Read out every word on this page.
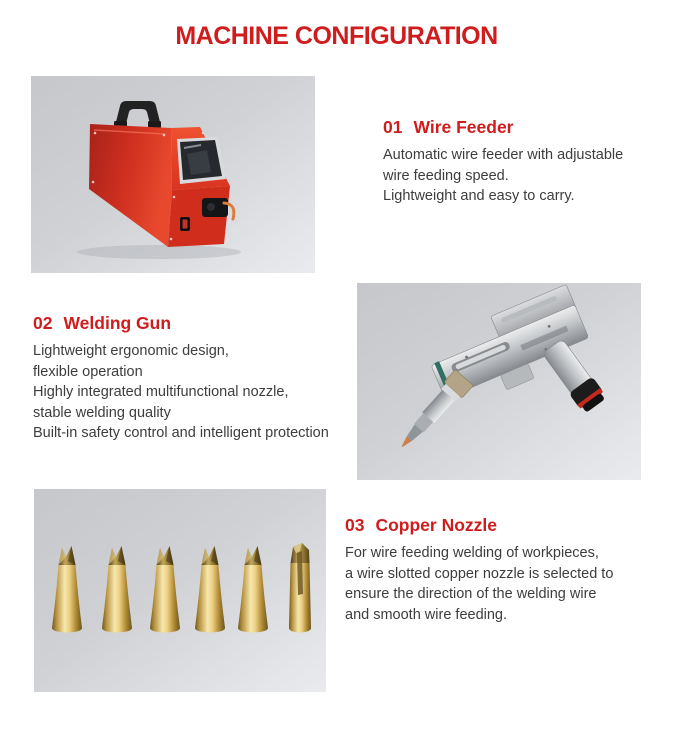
MACHINE CONFIGURATION
01 Wire Feeder
Automatic wire feeder with adjustable
wire feeding speed.
Lightweight and easy to carry.
02 Welding Gun
Lightweight ergonomic design,
flexible operation
Highly integrated multifunctional nozzle,
stable welding quality
Built-in safety control and intelligent protection
03 Copper Nozzle
For wire feeding welding of workpieces,
a wire slotted copper nozzle is selected to
ensure the direction of the welding wire
and smooth wire feeding.
